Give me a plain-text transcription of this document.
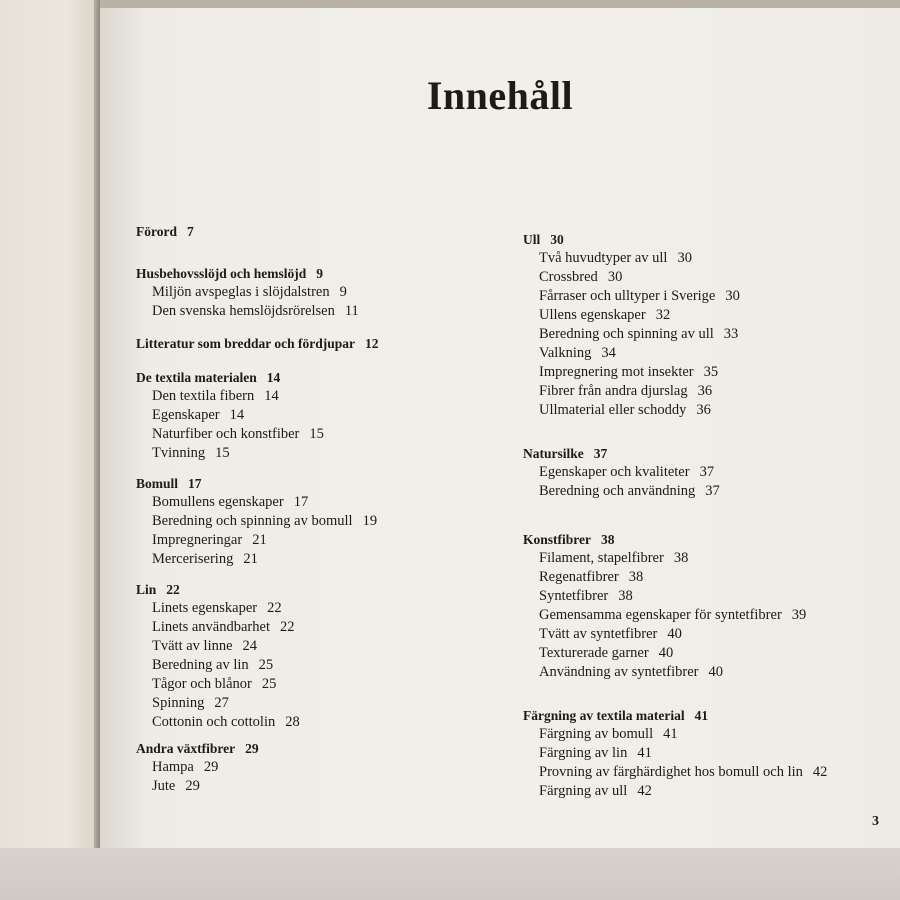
Innehåll
Förord 7
Husbehovsslöjd och hemslöjd 9
Miljön avspeglas i slöjdalstren 9
Den svenska hemslöjdsrörelsen 11
Litteratur som breddar och fördjupar 12
De textila materialen 14
Den textila fibern 14
Egenskaper 14
Naturfiber och konstfiber 15
Tvinning 15
Bomull 17
Bomullens egenskaper 17
Beredning och spinning av bomull 19
Impregneringar 21
Mercerisering 21
Lin 22
Linets egenskaper 22
Linets användbarhet 22
Tvätt av linne 24
Beredning av lin 25
Tågor och blånor 25
Spinning 27
Cottonin och cottolin 28
Andra växtfibrer 29
Hampa 29
Jute 29
Ull 30
Två huvudtyper av ull 30
Crossbred 30
Fårraser och ulltyper i Sverige 30
Ullens egenskaper 32
Beredning och spinning av ull 33
Valkning 34
Impregnering mot insekter 35
Fibrer från andra djurslag 36
Ullmaterial eller schoddy 36
Natursilke 37
Egenskaper och kvaliteter 37
Beredning och användning 37
Konstfibrer 38
Filament, stapelfibrer 38
Regenatfibrer 38
Syntetfibrer 38
Gemensamma egenskaper för syntetfibrer 39
Tvätt av syntetfibrer 40
Texturerade garner 40
Användning av syntetfibrer 40
Färgning av textila material 41
Färgning av bomull 41
Färgning av lin 41
Provning av färghärdighet hos bomull och lin 42
Färgning av ull 42
3
